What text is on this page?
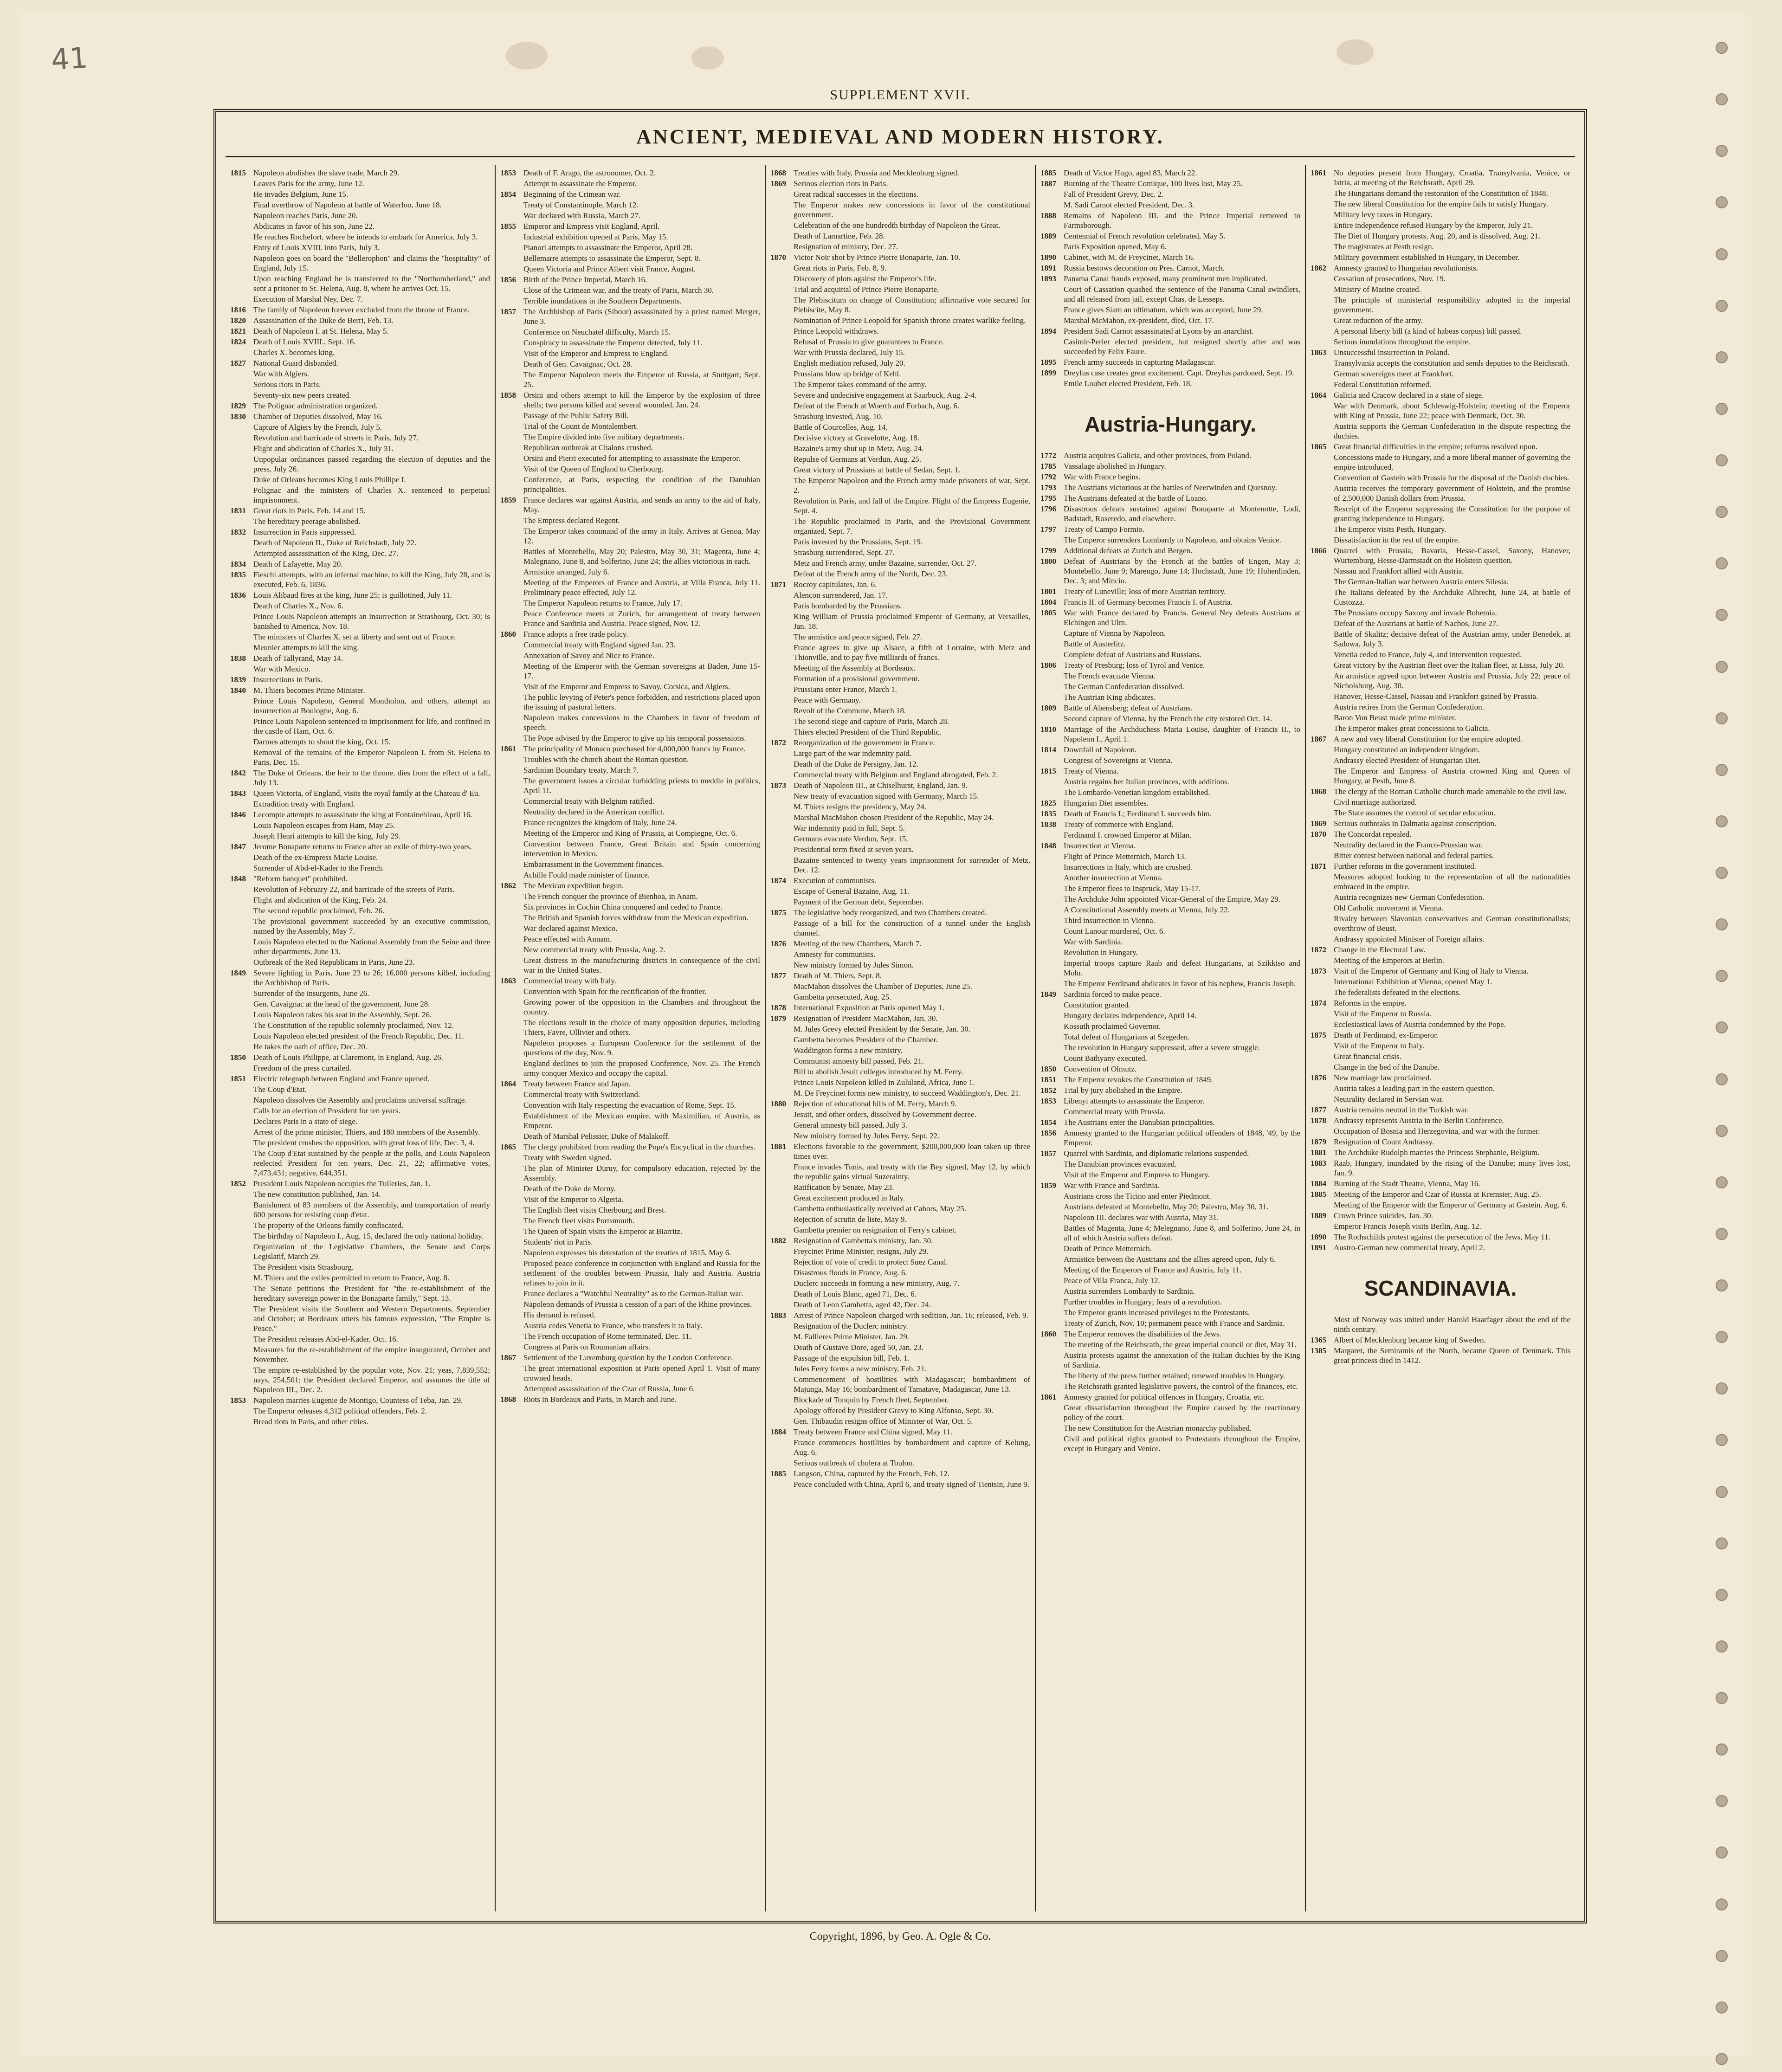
41
SUPPLEMENT XVII.
ANCIENT, MEDIEVAL AND MODERN HISTORY.
1815 Napoleon abolishes the slave trade, March 29.
Leaves Paris for the army, June 12.
He invades Belgium, June 15.
Final overthrow of Napoleon at battle of Waterloo, June 18.
Napoleon reaches Paris, June 20.
Abdicates in favor of his son, June 22.
He reaches Rochefort, where he intends to embark for America, July 3.
Entry of Louis XVIII. into Paris, July 3.
Napoleon goes on board the "Bellerophon" and claims the "hospitality" of England, July 15.
Upon reaching England he is transferred to the "Northumberland," and sent a prisoner to St. Helena, Aug. 8, where he arrives Oct. 15.
Execution of Marshal Ney, Dec. 7.
1816 The family of Napoleon forever excluded from the throne of France.
1820 Assassination of the Duke de Berri, Feb. 13.
1821 Death of Napoleon I. at St. Helena, May 5.
1824 Death of Louis XVIII., Sept. 16.
Charles X. becomes king.
1827 National Guard disbanded.
War with Algiers.
Serious riots in Paris.
Seventy-six new peers created.
1829 The Polignac administration organized.
1830 Chamber of Deputies dissolved, May 16.
Capture of Algiers by the French, July 5.
Revolution and barricade of streets in Paris, July 27.
Flight and abdication of Charles X., July 31.
Unpopular ordinances passed regarding the election of deputies and the press, July 26.
Duke of Orleans becomes King Louis Phillipe I.
Polignac and the ministers of Charles X. sentenced to perpetual imprisonment.
1831 Great riots in Paris, Feb. 14 and 15.
The hereditary peerage abolished.
1832 Insurrection in Paris suppressed.
Death of Napoleon II., Duke of Reichstadt, July 22.
Attempted assassination of the King, Dec. 27.
1834 Death of Lafayette, May 20.
1835 Fieschi attempts, with an infernal machine, to kill the King, July 28, and is executed, Feb. 6, 1836.
1836 Louis Alibaud fires at the king, June 25; is guillotined, July 11.
Death of Charles X., Nov. 6.
Prince Louis Napoleon attempts an insurrection at Strasbourg, Oct. 30; is banished to America, Nov. 18.
The ministers of Charles X. set at liberty and sent out of France.
Meunier attempts to kill the king.
1838 Death of Tallyrand, May 14.
War with Mexico.
1839 Insurrections in Paris.
1840 M. Thiers becomes Prime Minister.
Prince Louis Napoleon, General Montholon, and others, attempt an insurrection at Boulogne, Aug. 6.
Prince Louis Napoleon sentenced to imprisonment for life, and confined in the castle of Ham, Oct. 6.
Darmes attempts to shoot the king, Oct. 15.
Removal of the remains of the Emperor Napoleon I. from St. Helena to Paris, Dec. 15.
1842 The Duke of Orleans, the heir to the throne, dies from the effect of a fall, July 13.
1843 Queen Victoria, of England, visits the royal family at the Chateau d' Eu.
Extradition treaty with England.
1846 Lecompte attempts to assassinate the king at Fontainebleau, April 16.
Louis Napoleon escapes from Ham, May 25.
Joseph Henri attempts to kill the king, July 29.
1847 Jerome Bonaparte returns to France after an exile of thirty-two years.
Death of the ex-Empress Marie Louise.
Surrender of Abd-el-Kader to the French.
1848 "Reform banquet" prohibited.
Revolution of February 22, and barricade of the streets of Paris.
Flight and abdication of the King, Feb. 24.
The second republic proclaimed, Feb. 26.
The provisional government succeeded by an executive commission, named by the Assembly, May 7.
Louis Napoleon elected to the National Assembly from the Seine and three other departments, June 13.
Outbreak of the Red Republicans in Paris, June 23.
1849 Severe fighting in Paris, June 23 to 26; 16,000 persons killed, including the Archbishop of Paris.
Surrender of the insurgents, June 26.
Gen. Cavaignac at the head of the government, June 28.
Louis Napoleon takes his seat in the Assembly, Sept. 26.
The Constitution of the republic solemnly proclaimed, Nov. 12.
Louis Napoleon elected president of the French Republic, Dec. 11.
He takes the oath of office, Dec. 20.
1850 Death of Louis Philippe, at Claremont, in England, Aug. 26.
Freedom of the press curtailed.
1851 Electric telegraph between England and France opened.
The Coup d'Etat.
Napoleon dissolves the Assembly and proclaims universal suffrage.
Calls for an election of President for ten years.
Declares Paris in a state of siege.
Arrest of the prime minister, Thiers, and 180 members of the Assembly.
The president crushes the opposition, with great loss of life, Dec. 3, 4.
The Coup d'Etat sustained by the people at the polls, and Louis Napoleon reelected President for ten years, Dec. 21, 22; affirmative votes, 7,473,431; negative, 644,351.
1852 President Louis Napoleon occupies the Tuileries, Jan. 1.
The new constitution published, Jan. 14.
Banishment of 83 members of the Assembly, and transportation of nearly 600 persons for resisting coup d'etat.
The property of the Orleans family confiscated.
The birthday of Napoleon I., Aug. 15, declared the only national holiday.
Organization of the Legislative Chambers, the Senate and Corps Legislatif, March 29.
The President visits Strasbourg.
M. Thiers and the exiles permitted to return to France, Aug. 8.
The Senate petitions the President for "the re-establishment of the hereditary sovereign power in the Bonaparte family," Sept. 13.
The President visits the Southern and Western Departments, September and October; at Bordeaux utters his famous expression, "The Empire is Peace."
The President releases Abd-el-Kader, Oct. 16.
Measures for the re-establishment of the empire inaugurated, October and November.
The empire re-established by the popular vote, Nov. 21; yeas, 7,839,552; nays, 254,501; the President declared Emperor, and assumes the title of Napoleon III., Dec. 2.
1853 Napoleon marries Eugenie de Montigo, Countess of Teba, Jan. 29.
The Emperor releases 4,312 political offenders, Feb. 2.
Bread riots in Paris, and other cities.
1853 Death of F. Arago, the astronomer, Oct. 2.
Attempt to assassinate the Emperor.
1854 Beginning of the Crimean war.
Treaty of Constantinople, March 12.
War declared with Russia, March 27.
1855 Emperor and Empress visit England, April.
Industrial exhibition opened at Paris, May 15.
Pianori attempts to assassinate the Emperor, April 28.
Bellemarre attempts to assassinate the Emperor, Sept. 8.
Queen Victoria and Prince Albert visit France, August.
1856 Birth of the Prince Imperial, March 16.
Close of the Crimean war, and the treaty of Paris, March 30.
Terrible inundations in the Southern Departments.
1857 The Archbishop of Paris (Sibour) assassinated by a priest named Merger, June 3.
Conference on Neuchatel difficulty, March 15.
Conspiracy to assassinate the Emperor detected, July 11.
Visit of the Emperor and Empress to England.
Death of Gen. Cavaignac, Oct. 28.
The Emperor Napoleon meets the Emperor of Russia, at Stuttgart, Sept. 25.
1858 Orsini and others attempt to kill the Emperor by the explosion of three shells; two persons killed and several wounded, Jan. 24.
Passage of the Public Safety Bill.
Trial of the Count de Montalembert.
The Empire divided into five military departments.
Republican outbreak at Chalons crushed.
Orsini and Pierri executed for attempting to assassinate the Emperor.
Visit of the Queen of England to Cherbourg.
Conference, at Paris, respecting the condition of the Danubian principalities.
1859 France declares war against Austria, and sends an army to the aid of Italy, May.
The Empress declared Regent.
The Emperor takes command of the army in Italy. Arrives at Genoa, May 12.
Battles of Montebello, May 20; Palestro, May 30, 31; Magenta, June 4; Malegnano, June 8, and Solferino, June 24; the allies victorious in each.
Armistice arranged, July 6.
Meeting of the Emperors of France and Austria, at Villa Franca, July 11. Preliminary peace effected, July 12.
The Emperor Napoleon returns to France, July 17.
Peace Conference meets at Zurich, for arrangement of treaty between France and Sardinia and Austria. Peace signed, Nov. 12.
1860 France adopts a free trade policy.
Commercial treaty with England signed Jan. 23.
Annexation of Savoy and Nice to France.
Meeting of the Emperor with the German sovereigns at Baden, June 15-17.
Visit of the Emperor and Empress to Savoy, Corsica, and Algiers.
The public levying of Peter's pence forbidden, and restrictions placed upon the issuing of pastoral letters.
Napoleon makes concessions to the Chambers in favor of freedom of speech.
The Pope advised by the Emperor to give up his temporal possessions.
1861 The principality of Monaco purchased for 4,000,000 francs by France.
Troubles with the church about the Roman question.
Sardinian Boundary treaty, March 7.
The government issues a circular forbidding priests to meddle in politics, April 11.
Commercial treaty with Belgium ratified.
Neutrality declared in the American conflict.
France recognizes the kingdom of Italy, June 24.
Meeting of the Emperor and King of Prussia, at Compiegne, Oct. 6.
Convention between France, Great Britain and Spain concerning intervention in Mexico.
Embarrassment in the Government finances.
Achille Fould made minister of finance.
1862 The Mexican expedition begun.
The French conquer the province of Bienhoa, in Anam.
Six provinces in Cochin China conquered and ceded to France.
The British and Spanish forces withdraw from the Mexican expedition.
War declared against Mexico.
Peace effected with Annam.
New commercial treaty with Prussia, Aug. 2.
Great distress in the manufacturing districts in consequence of the civil war in the United States.
1863 Commercial treaty with Italy.
Convention with Spain for the rectification of the frontier.
Growing power of the opposition in the Chambers and throughout the country.
The elections result in the choice of many opposition deputies, including Thiers, Favre, Ollivier and others.
Napoleon proposes a European Conference for the settlement of the questions of the day, Nov. 9.
England declines to join the proposed Conference, Nov. 25. The French army conquer Mexico and occupy the capital.
1864 Treaty between France and Japan.
Commercial treaty with Switzerland.
Convention with Italy respecting the evacuation of Rome, Sept. 15.
Establishment of the Mexican empire, with Maximilian, of Austria, as Emperor.
Death of Marshal Pelissier, Duke of Malakoff.
1865 The clergy prohibited from reading the Pope's Encyclical in the churches.
Treaty with Sweden signed.
The plan of Minister Duruy, for compulsory education, rejected by the Assembly.
Death of the Duke de Morny.
Visit of the Emperor to Algeria.
The English fleet visits Cherbourg and Brest.
The French fleet visits Portsmouth.
The Queen of Spain visits the Emperor at Biarritz.
Students' riot in Paris.
Napoleon expresses his detestation of the treaties of 1815, May 6.
Proposed peace conference in conjunction with England and Russia for the settlement of the troubles between Prussia, Italy and Austria. Austria refuses to join in it.
France declares a "Watchful Neutrality" as to the German-Italian war.
Napoleon demands of Prussia a cession of a part of the Rhine provinces.
His demand is refused.
Austria cedes Venetia to France, who transfers it to Italy.
The French occupation of Rome terminated, Dec. 11.
Congress at Paris on Roumanian affairs.
1867 Settlement of the Luxemburg question by the London Conference.
The great international exposition at Paris opened April 1. Visit of many crowned heads.
Attempted assassination of the Czar of Russia, June 6.
1868 Riots in Bordeaux and Paris, in March and June.
1868 Treaties with Italy, Prussia and Mecklenburg signed.
1869 Serious election riots in Paris.
Great radical successes in the elections.
The Emperor makes new concessions in favor of the constitutional government.
Celebration of the one hundredth birthday of Napoleon the Great.
Death of Lamartine, Feb. 28.
Resignation of ministry, Dec. 27.
1870 Victor Noir shot by Prince Pierre Bonaparte, Jan. 10.
Great riots in Paris, Feb. 8, 9.
Discovery of plots against the Emperor's life.
Trial and acquittal of Prince Pierre Bonaparte.
The Plebiscitum on change of Constitution; affirmative vote secured for Plebiscite, May 8.
Nomination of Prince Leopold for Spanish throne creates warlike feeling.
Prince Leopold withdraws.
Refusal of Prussia to give guarantees to France.
War with Prussia declared, July 15.
English mediation refused, July 20.
Prussians blow up bridge of Kehl.
The Emperor takes command of the army.
Severe and undecisive engagement at Saarbuck, Aug. 2-4.
Defeat of the French at Woerth and Forbach, Aug. 6.
Strasburg invested, Aug. 10.
Battle of Courcelles, Aug. 14.
Decisive victory at Gravelotte, Aug. 18.
Bazaine's army shut up in Metz, Aug. 24.
Repulse of Germans at Verdun, Aug. 25.
Great victory of Prussians at battle of Sedan, Sept. 1.
The Emperor Napoleon and the French army made prisoners of war, Sept. 2.
Revolution in Paris, and fall of the Empire. Flight of the Empress Eugenie, Sept. 4.
The Republic proclaimed in Paris, and the Provisional Government organized, Sept. 7.
Paris invested by the Prussians, Sept. 19.
Strasburg surrendered, Sept. 27.
Metz and French army, under Bazaine, surrender, Oct. 27.
Defeat of the French army of the North, Dec. 23.
1871 Rocroy capitulates, Jan. 6.
Alencon surrendered, Jan. 17.
Paris bombarded by the Prussians.
King William of Prussia proclaimed Emperor of Germany, at Versailles, Jan. 18.
The armistice and peace signed, Feb. 27.
France agrees to give up Alsace, a fifth of Lorraine, with Metz and Thionville, and to pay five milliards of francs.
Meeting of the Assembly at Bordeaux.
Formation of a provisional government.
Prussians enter France, March 1.
Peace with Germany.
Revolt of the Commune, March 18.
The second siege and capture of Paris, March 28.
Thiers elected President of the Third Republic.
1872 Reorganization of the government in France.
Large part of the war indemnity paid.
Death of the Duke de Persigny, Jan. 12.
Commercial treaty with Belgium and England abrogated, Feb. 2.
1873 Death of Napoleon III., at Chiselhurst, England, Jan. 9.
New treaty of evacuation signed with Germany, March 15.
M. Thiers resigns the presidency, May 24.
Marshal MacMahon chosen President of the Republic, May 24.
War indemnity paid in full, Sept. 5.
Germans evacuate Verdun, Sept. 15.
Presidential term fixed at seven years.
Bazaine sentenced to twenty years imprisonment for surrender of Metz, Dec. 12.
1874 Execution of communists.
Escape of General Bazaine, Aug. 11.
Payment of the German debt, September.
1875 The legislative body reorganized, and two Chambers created.
Passage of a bill for the construction of a tunnel under the English channel.
1876 Meeting of the new Chambers, March 7.
Amnesty for communists.
New ministry formed by Jules Simon.
1877 Death of M. Thiers, Sept. 8.
MacMahon dissolves the Chamber of Deputies, June 25.
Gambetta prosecuted, Aug. 25.
1878 International Exposition at Paris opened May 1.
1879 Resignation of President MacMahon, Jan. 30.
M. Jules Grevy elected President by the Senate, Jan. 30.
Gambetta becomes President of the Chamber.
Waddington forms a new ministry.
Communist amnesty bill passed, Feb. 21.
Bill to abolish Jesuit colleges introduced by M. Ferry.
Prince Louis Napoleon killed in Zululand, Africa, June 1.
M. De Freycinet forms new ministry, to succeed Waddington's, Dec. 21.
1880 Rejection of educational bills of M. Ferry, March 9.
Jesuit, and other orders, dissolved by Government decree.
General amnesty bill passed, July 3.
New ministry formed by Jules Ferry, Sept. 22.
1881 Elections favorable to the government, $200,000,000 loan taken up three times over.
France invades Tunis, and treaty with the Bey signed, May 12, by which the republic gains virtual Suzerainty.
Ratification by Senate, May 23.
Great excitement produced in Italy.
Gambetta enthusiastically received at Cahors, May 25.
Rejection of scrutin de liste, May 9.
Gambetta premier on resignation of Ferry's cabinet.
1882 Resignation of Gambetta's ministry, Jan. 30.
Freycinet Prime Minister; resigns, July 29.
Rejection of vote of credit to protect Suez Canal.
Disastrous floods in France, Aug. 6.
Duclerc succeeds in forming a new ministry, Aug. 7.
Death of Louis Blanc, aged 71, Dec. 6.
Death of Leon Gambetta, aged 42, Dec. 24.
1883 Arrest of Prince Napoleon charged with sedition, Jan. 16; released, Feb. 9.
Resignation of the Duclerc ministry.
M. Fallieres Prime Minister, Jan. 29.
Death of Gustave Dore, aged 50, Jan. 23.
Passage of the expulsion bill, Feb. 1.
Jules Ferry forms a new ministry, Feb. 21.
Commencement of hostilities with Madagascar; bombardment of Majunga, May 16; bombardment of Tamatave, Madagascar, June 13.
Blockade of Tonquin by French fleet, September.
Apology offered by President Grevy to King Alfonso, Sept. 30.
Gen. Thibaudin resigns office of Minister of War, Oct. 5.
1884 Treaty between France and China signed, May 11.
France commences hostilities by bombardment and capture of Kelung, Aug. 6.
Serious outbreak of cholera at Toulon.
1885 Langson, China, captured by the French, Feb. 12.
Peace concluded with China, April 6, and treaty signed of Tientsin, June 9.
1885 Death of Victor Hugo, aged 83, March 22.
1887 Burning of the Theatre Comique, 100 lives lost, May 25.
Fall of President Grevy, Dec. 2.
M. Sadi Carnot elected President, Dec. 3.
1888 Remains of Napoleon III. and the Prince Imperial removed to Farmsborough.
1889 Centennial of French revolution celebrated, May 5.
Paris Exposition opened, May 6.
1890 Cabinet, with M. de Freycinet, March 16.
1891 Russia bestows decoration on Pres. Carnot, March.
1893 Panama Canal frauds exposed, many prominent men implicated.
Court of Cassation quashed the sentence of the Panama Canal swindlers, and all released from jail, except Chas. de Lesseps.
France gives Siam an ultimatum, which was accepted, June 29.
Marshal McMahon, ex-president, died, Oct. 17.
1894 President Sadi Carnot assassinated at Lyons by an anarchist.
Casimir-Perier elected president, but resigned shortly after and was succeeded by Felix Faure.
1895 French army succeeds in capturing Madagascar.
1899 Dreyfus case creates great excitement. Capt. Dreyfus pardoned, Sept. 19.
Emile Loubet elected President, Feb. 18.
Austria-Hungary.
1772 Austria acquires Galicia, and other provinces, from Poland.
1785 Vassalage abolished in Hungary.
1792 War with France begins.
1793 The Austrians victorious at the battles of Neerwinden and Quesnoy.
1795 The Austrians defeated at the battle of Loano.
1796 Disastrous defeats sustained against Bonaparte at Montenotte, Lodi, Badstadt, Roseredo, and elsewhere.
1797 Treaty of Campo Formio.
The Emperor surrenders Lombardy to Napoleon, and obtains Venice.
1799 Additional defeats at Zurich and Bergen.
1800 Defeat of Austrians by the French at the battles of Engen, May 3; Montebello, June 9; Marengo, June 14; Hochstadt, June 19; Hohenlinden, Dec. 3; and Mincio.
1801 Treaty of Luneville; loss of more Austrian territory.
1804 Francis II. of Germany becomes Francis I. of Austria.
1805 War with France declared by Francis. General Ney defeats Austrians at Elchingen and Ulm.
Capture of Vienna by Napoleon.
Battle of Austerlitz.
Complete defeat of Austrians and Russians.
1806 Treaty of Presburg; loss of Tyrol and Venice.
The French evacuate Vienna.
The German Confederation dissolved.
The Austrian King abdicates.
1809 Battle of Abensberg; defeat of Austrians.
Second capture of Vienna, by the French the city restored Oct. 14.
1810 Marriage of the Archduchess Maria Louise, daughter of Francis II., to Napoleon I., April 1.
1814 Downfall of Napoleon.
Congress of Sovereigns at Vienna.
1815 Treaty of Vienna.
Austria regains her Italian provinces, with additions.
The Lombardo-Venetian kingdom established.
1825 Hungarian Diet assembles.
1835 Death of Francis I.; Ferdinand I. succeeds him.
1838 Treaty of commerce with England.
Ferdinand I. crowned Emperor at Milan.
1848 Insurrection at Vienna.
Flight of Prince Metternich, March 13.
Insurrections in Italy, which are crushed.
Another insurrection at Vienna.
The Emperor flees to Inspruck, May 15-17.
The Archduke John appointed Vicar-General of the Empire, May 29.
A Constitutional Assembly meets at Vienna, July 22.
Third insurrection in Vienna.
Count Lanour murdered, Oct. 6.
War with Sardinia.
Revolution in Hungary.
Imperial troops capture Raab and defeat Hungarians, at Szikkiso and Mohr.
The Emperor Ferdinand abdicates in favor of his nephew, Francis Joseph.
1849 Sardinia forced to make peace.
Constitution granted.
Hungary declares independence, April 14.
Kossuth proclaimed Governor.
Total defeat of Hungarians at Szegeden.
The revolution in Hungary suppressed, after a severe struggle.
Count Bathyany executed.
1850 Convention of Olmutz.
1851 The Emperor revokes the Constitution of 1849.
1852 Trial by jury abolished in the Empire.
1853 Libenyi attempts to assassinate the Emperor.
Commercial treaty with Prussia.
1854 The Austrians enter the Danubian principalities.
1856 Amnesty granted to the Hungarian political offenders of 1848, '49, by the Emperor.
1857 Quarrel with Sardinia, and diplomatic relations suspended.
The Danubian provinces evacuated.
Visit of the Emperor and Empress to Hungary.
1859 War with France and Sardinia.
Austrians cross the Ticino and enter Piedmont.
Austrians defeated at Montebello, May 20; Palestro, May 30, 31.
Napoleon III. declares war with Austria, May 31.
Battles of Magenta, June 4; Melegnano, June 8, and Solferino, June 24, in all of which Austria suffers defeat.
Death of Prince Metternich.
Armistice between the Austrians and the allies agreed upon, July 6.
Meeting of the Emperors of France and Austria, July 11.
Peace of Villa Franca, July 12.
Austria surrenders Lombardy to Sardinia.
Further troubles in Hungary; fears of a revolution.
The Emperor grants increased privileges to the Protestants.
Treaty of Zurich, Nov. 10; permanent peace with France and Sardinia.
1860 The Emperor removes the disabilities of the Jews.
The meeting of the Reichsrath, the great imperial council or diet, May 31.
Austria protests against the annexation of the Italian duchies by the King of Sardinia.
The liberty of the press further retained; renewed troubles in Hungary.
The Reichsrath granted legislative powers, the control of the finances, etc.
1861 Amnesty granted for political offences in Hungary, Croatia, etc.
Great dissatisfaction throughout the Empire caused by the reactionary policy of the court.
The new Constitution for the Austrian monarchy published.
Civil and political rights granted to Protestants throughout the Empire, except in Hungary and Venice.
1861 No deputies present from Hungary, Croatia, Transylvania, Venice, or Istria, at meeting of the Reichsrath, April 29.
The Hungarians demand the restoration of the Constitution of 1848.
The new liberal Constitution for the empire fails to satisfy Hungary.
Military levy taxes in Hungary.
Entire independence refused Hungary by the Emperor, July 21.
The Diet of Hungary protests, Aug. 20, and is dissolved, Aug. 21.
The magistrates at Pesth resign.
Military government established in Hungary, in December.
1862 Amnesty granted to Hungarian revolutionists.
Cessation of prosecutions, Nov. 19.
Ministry of Marine created.
The principle of ministerial responsibility adopted in the imperial government.
Great reduction of the army.
A personal liberty bill (a kind of habeas corpus) bill passed.
Serious inundations throughout the empire.
1863 Unsuccessful insurrection in Poland.
Transylvania accepts the constitution and sends deputies to the Reichsrath.
German sovereigns meet at Frankfort.
Federal Constitution reformed.
1864 Galicia and Cracow declared in a state of siege.
War with Denmark, about Schleswig-Holstein; meeting of the Emperor with King of Prussia, June 22; peace with Denmark, Oct. 30.
Austria supports the German Confederation in the dispute respecting the duchies.
1865 Great financial difficulties in the empire; reforms resolved upon.
Concessions made to Hungary, and a more liberal manner of governing the empire introduced.
Convention of Gastein with Prussia for the disposal of the Danish duchies.
Austria receives the temporary government of Holstein, and the promise of 2,500,000 Danish dollars from Prussia.
Rescript of the Emperor suppressing the Constitution for the purpose of granting independence to Hungary.
The Emperor visits Pesth, Hungary.
Dissatisfaction in the rest of the empire.
1866 Quarrel with Prussia, Bavaria, Hesse-Cassel, Saxony, Hanover, Wurtemburg, Hesse-Darmstadt on the Holstein question.
Nassau and Frankfort allied with Austria.
The German-Italian war between Austria enters Silesia.
The Italians defeated by the Archduke Albrecht, June 24, at battle of Custozza.
The Prussians occupy Saxony and invade Bohemia.
Defeat of the Austrians at battle of Nachos, June 27.
Battle of Skalitz; decisive defeat of the Austrian army, under Benedek, at Sadowa, July 3.
Venetia ceded to France, July 4, and intervention requested.
Great victory by the Austrian fleet over the Italian fleet, at Lissa, July 20.
An armistice agreed upon between Austria and Prussia, July 22; peace of Nicholsburg, Aug. 30.
Hanover, Hesse-Cassel, Nassau and Frankfort gained by Prussia.
Austria retires from the German Confederation.
Baron Von Beust made prime minister.
The Emperor makes great concessions to Galicia.
1867 A new and very liberal Constitution for the empire adopted.
Hungary constituted an independent kingdom.
Andrassy elected President of Hungarian Diet.
The Emperor and Empress of Austria crowned King and Queen of Hungary, at Pesth, June 8.
1868 The clergy of the Roman Catholic church made amenable to the civil law.
Civil marriage authorized.
The State assumes the control of secular education.
1869 Serious outbreaks in Dalmatia against conscription.
1870 The Concordat repealed.
Neutrality declared in the Franco-Prussian war.
Bitter contest between national and federal parties.
1871 Further reforms in the government instituted.
Measures adopted looking to the representation of all the nationalities embraced in the empire.
Austria recognizes new German Confederation.
Old Catholic movement at Vienna.
Rivalry between Slavonian conservatives and German constitutionalists; overthrow of Beust.
Andrassy appointed Minister of Foreign affairs.
1872 Change in the Electoral Law.
Meeting of the Emperors at Berlin.
1873 Visit of the Emperor of Germany and King of Italy to Vienna.
International Exhibition at Vienna, opened May 1.
The federalists defeated in the elections.
1874 Reforms in the empire.
Visit of the Emperor to Russia.
Ecclesiastical laws of Austria condemned by the Pope.
1875 Death of Ferdinand, ex-Emperor.
Visit of the Emperor to Italy.
Great financial crisis.
Change in the bed of the Danube.
1876 New marriage law proclaimed.
Austria takes a leading part in the eastern question.
Neutrality declared in Servian war.
1877 Austria remains neutral in the Turkish war.
1878 Andrassy represents Austria in the Berlin Conference.
Occupation of Bosnia and Herzegovina, and war with the former.
1879 Resignation of Count Andrassy.
1881 The Archduke Rudolph marries the Princess Stephanie, Belgium.
1883 Raab, Hungary, inundated by the rising of the Danube; many lives lost, Jan. 9.
1884 Burning of the Stadt Theatre, Vienna, May 16.
1885 Meeting of the Emperor and Czar of Russia at Kremsier, Aug. 25.
Meeting of the Emperor with the Emperor of Germany at Gastein, Aug. 6.
1889 Crown Prince suicides, Jan. 30.
Emperor Francis Joseph visits Berlin, Aug. 12.
1890 The Rothschilds protest against the persecution of the Jews, May 11.
1891 Austro-German new commercial treaty, April 2.
SCANDINAVIA.
Most of Norway was united under Harold Haarfager about the end of the ninth century.
1365 Albert of Mecklenburg became king of Sweden.
1385 Margaret, the Semiramis of the North, became Queen of Denmark. This great princess died in 1412.
Copyright, 1896, by Geo. A. Ogle & Co.
